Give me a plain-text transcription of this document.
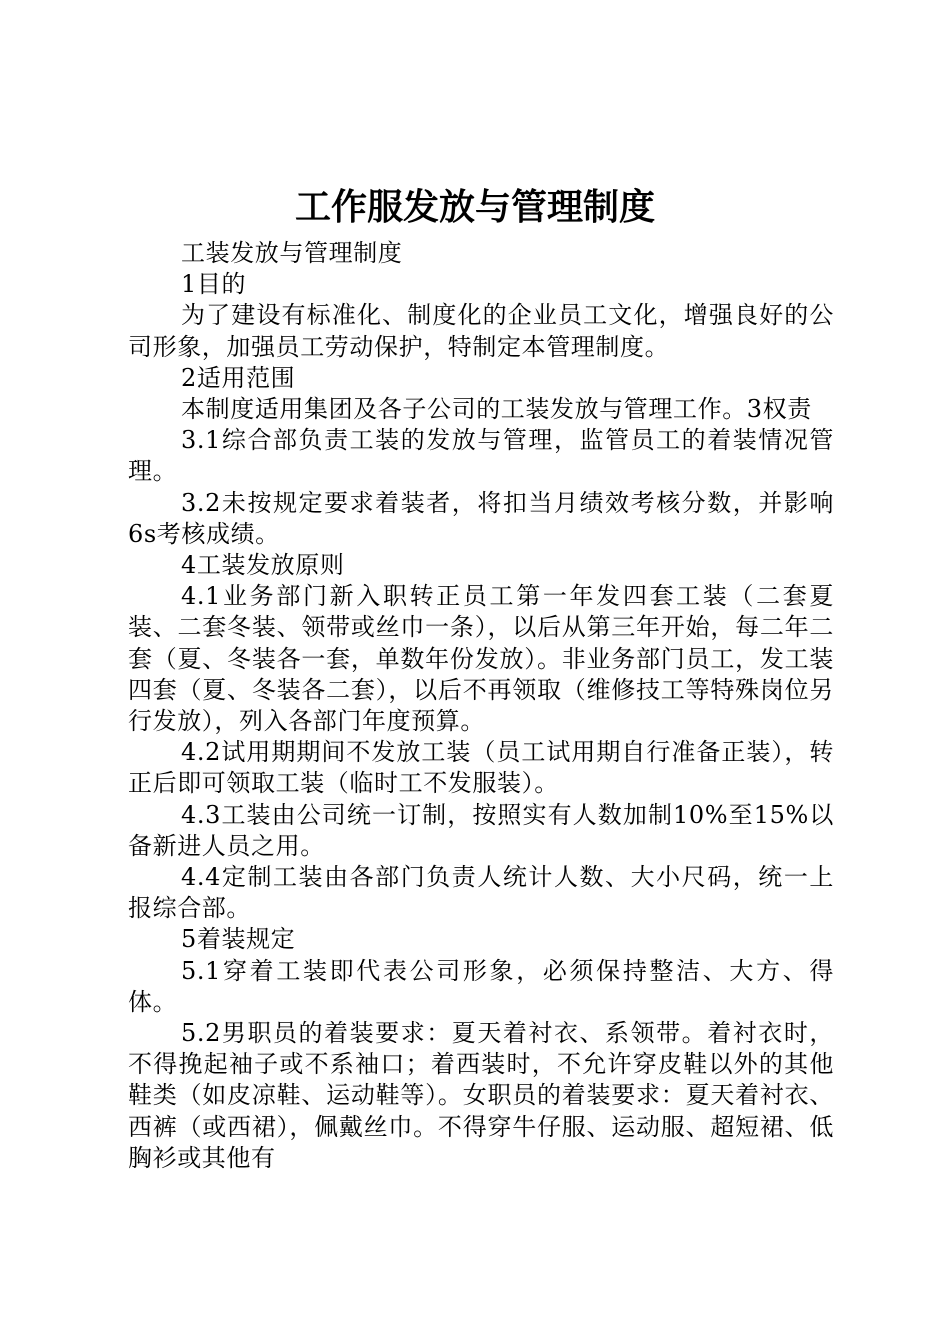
工作服发放与管理制度

工装发放与管理制度

1目的

为了建设有标准化、制度化的企业员工文化，增强良好的公司形象，加强员工劳动保护，特制定本管理制度。

2适用范围

本制度适用集团及各子公司的工装发放与管理工作。3权责

3.1综合部负责工装的发放与管理，监管员工的着装情况管理。

3.2未按规定要求着装者，将扣当月绩效考核分数，并影响6s考核成绩。

4工装发放原则

4.1业务部门新入职转正员工第一年发四套工装（二套夏装、二套冬装、领带或丝巾一条），以后从第三年开始，每二年二套（夏、冬装各一套，单数年份发放）。非业务部门员工，发工装四套（夏、冬装各二套），以后不再领取（维修技工等特殊岗位另行发放），列入各部门年度预算。

4.2试用期期间不发放工装（员工试用期自行准备正装），转正后即可领取工装（临时工不发服装）。

4.3工装由公司统一订制，按照实有人数加制10%至15%以备新进人员之用。

4.4定制工装由各部门负责人统计人数、大小尺码，统一上报综合部。

5着装规定

5.1穿着工装即代表公司形象，必须保持整洁、大方、得体。

5.2男职员的着装要求：夏天着衬衣、系领带。着衬衣时，不得挽起袖子或不系袖口；着西装时，不允许穿皮鞋以外的其他鞋类（如皮凉鞋、运动鞋等）。女职员的着装要求：夏天着衬衣、西裤（或西裙），佩戴丝巾。不得穿牛仔服、运动服、超短裙、低胸衫或其他有
